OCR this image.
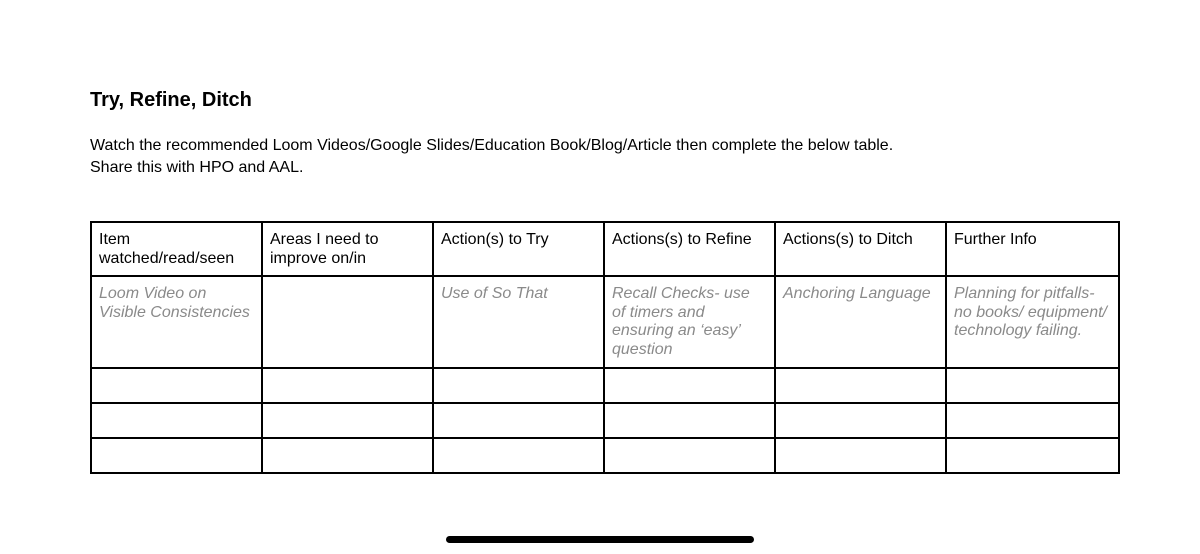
Try, Refine, Ditch

Watch the recommended Loom Videos/Google Slides/Education Book/Blog/Article then complete the below table.

Share this with HPO and AAL.

Item watched/read/seen	Areas I need to improve on/in	Action(s) to Try	Actions(s) to Refine	Actions(s) to Ditch	Further Info
Loom Video on Visible Consistencies		Use of So That	Recall Checks- use of timers and ensuring an ‘easy’ question	Anchoring Language	Planning for pitfalls- no books/ equipment/ technology failing.
